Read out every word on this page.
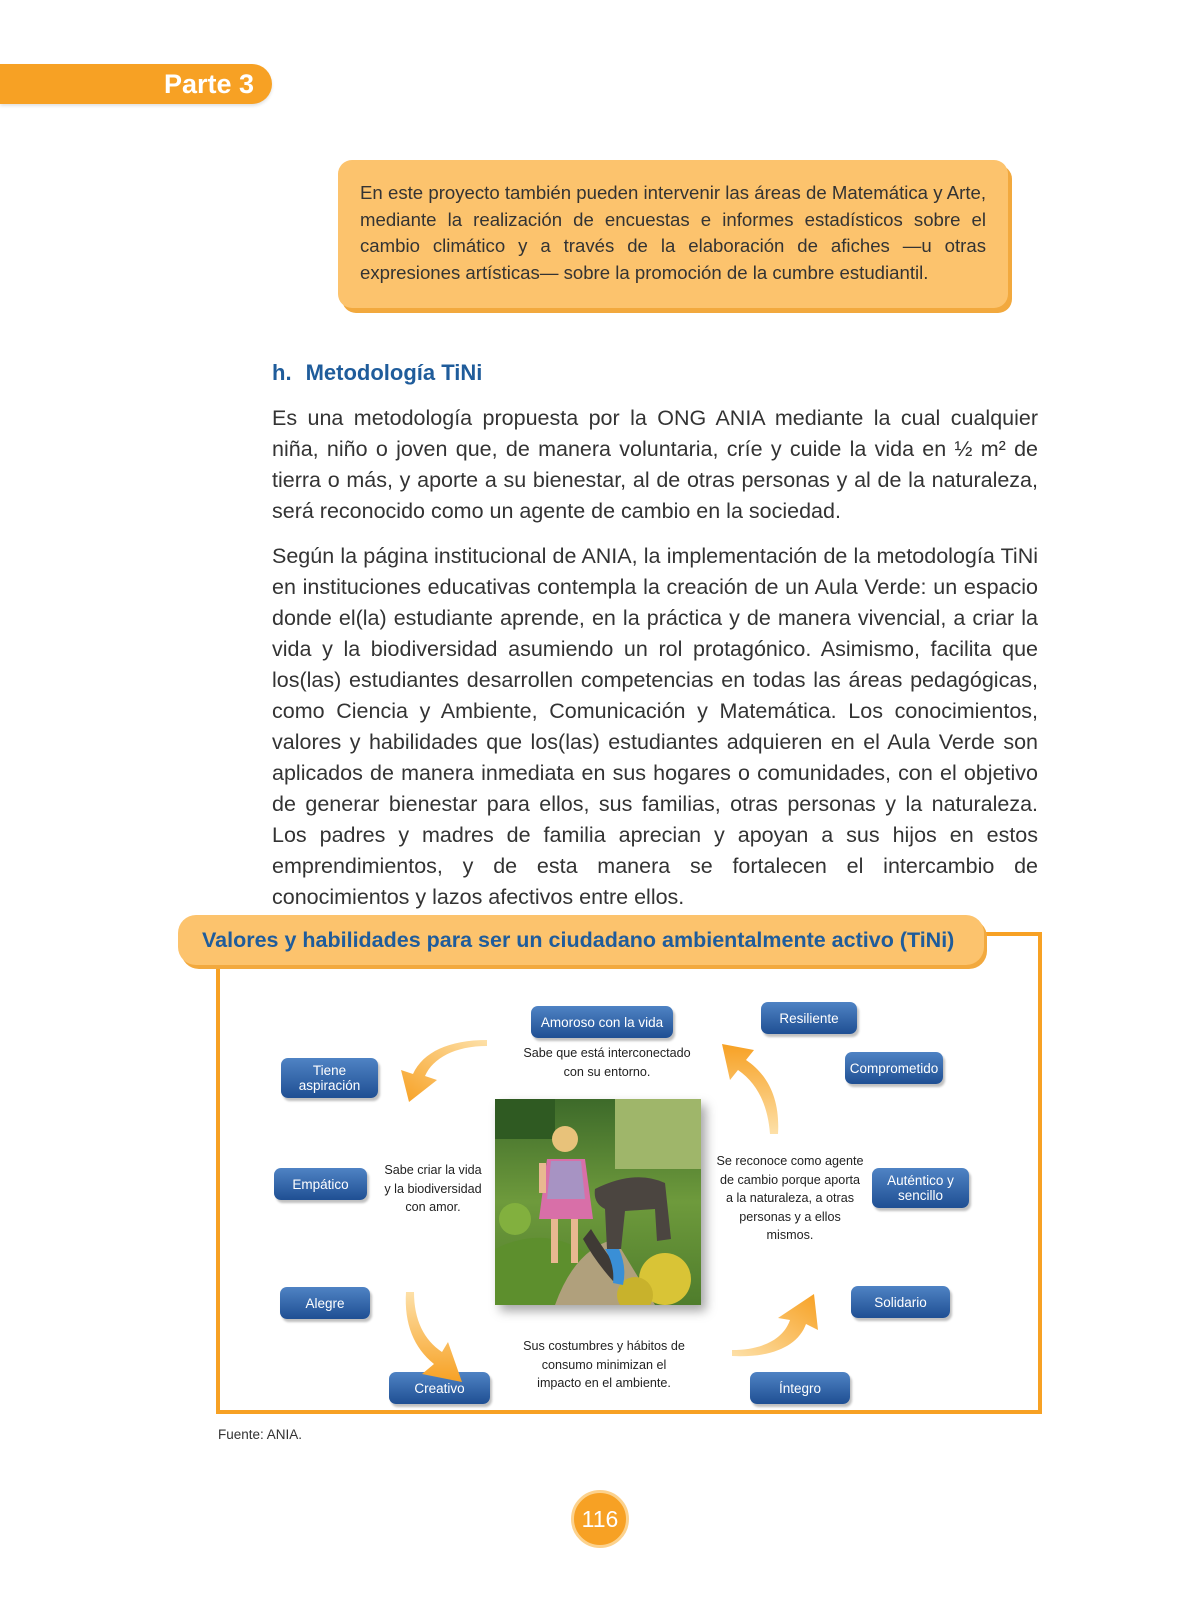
Parte 3

En este proyecto también pueden intervenir las áreas de Matemática y Arte, mediante la realización de encuestas e informes estadísticos sobre el cambio climático y a través de la elaboración de afiches —u otras expresiones artísticas— sobre la promoción de la cumbre estudiantil.

h. Metodología TiNi

Es una metodología propuesta por la ONG ANIA mediante la cual cualquier niña, niño o joven que, de manera voluntaria, críe y cuide la vida en ½ m² de tierra o más, y aporte a su bienestar, al de otras personas y al de la naturaleza, será reconocido como un agente de cambio en la sociedad.

Según la página institucional de ANIA, la implementación de la metodología TiNi en instituciones educativas contempla la creación de un Aula Verde: un espacio donde el(la) estudiante aprende, en la práctica y de manera vivencial, a criar la vida y la biodiversidad asumiendo un rol protagónico. Asimismo, facilita que los(las) estudiantes desarrollen competencias en todas las áreas pedagógicas, como Ciencia y Ambiente, Comunicación y Matemática. Los conocimientos, valores y habilidades que los(las) estudiantes adquieren en el Aula Verde son aplicados de manera inmediata en sus hogares o comunidades, con el objetivo de generar bienestar para ellos, sus familias, otras personas y la naturaleza. Los padres y madres de familia aprecian y apoyan a sus hijos en estos emprendimientos, y de esta manera se fortalecen el intercambio de conocimientos y lazos afectivos entre ellos.

Valores y habilidades para ser un ciudadano ambientalmente activo (TiNi)
Amoroso con la vida	Resiliente
Comprometido
Tiene aspiración
Empático	Auténtico y sencillo
Alegre	Solidario
Creativo	Íntegro
Sabe que está interconectado con su entorno.
Sabe criar la vida y la biodiversidad con amor.
Se reconoce como agente de cambio porque aporta a la naturaleza, a otras personas y a ellos mismos.
Sus costumbres y hábitos de consumo minimizan el impacto en el ambiente.
Fuente: ANIA.
116
